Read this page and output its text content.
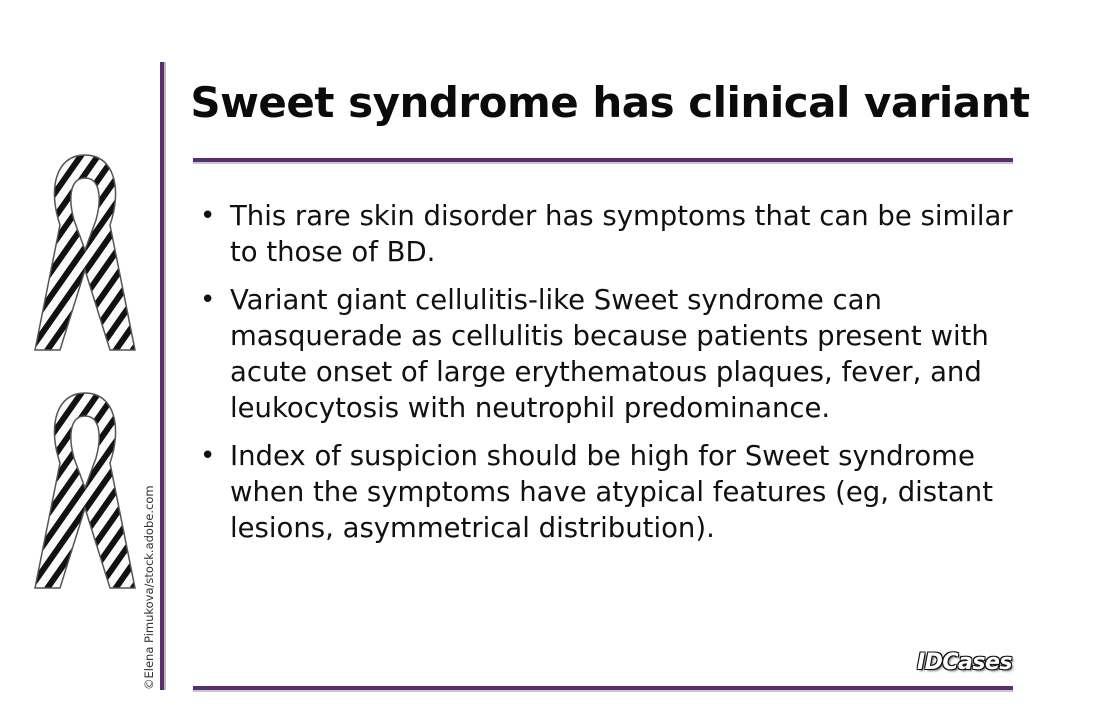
©Elena Pimukova/stock.adobe.com
Sweet syndrome has clinical variant
• This rare skin disorder has symptoms that can be similar to those of BD.
• Variant giant cellulitis-like Sweet syndrome can masquerade as cellulitis because patients present with acute onset of large erythematous plaques, fever, and leukocytosis with neutrophil predominance.
• Index of suspicion should be high for Sweet syndrome when the symptoms have atypical features (eg, distant lesions, asymmetrical distribution).
IDCases
